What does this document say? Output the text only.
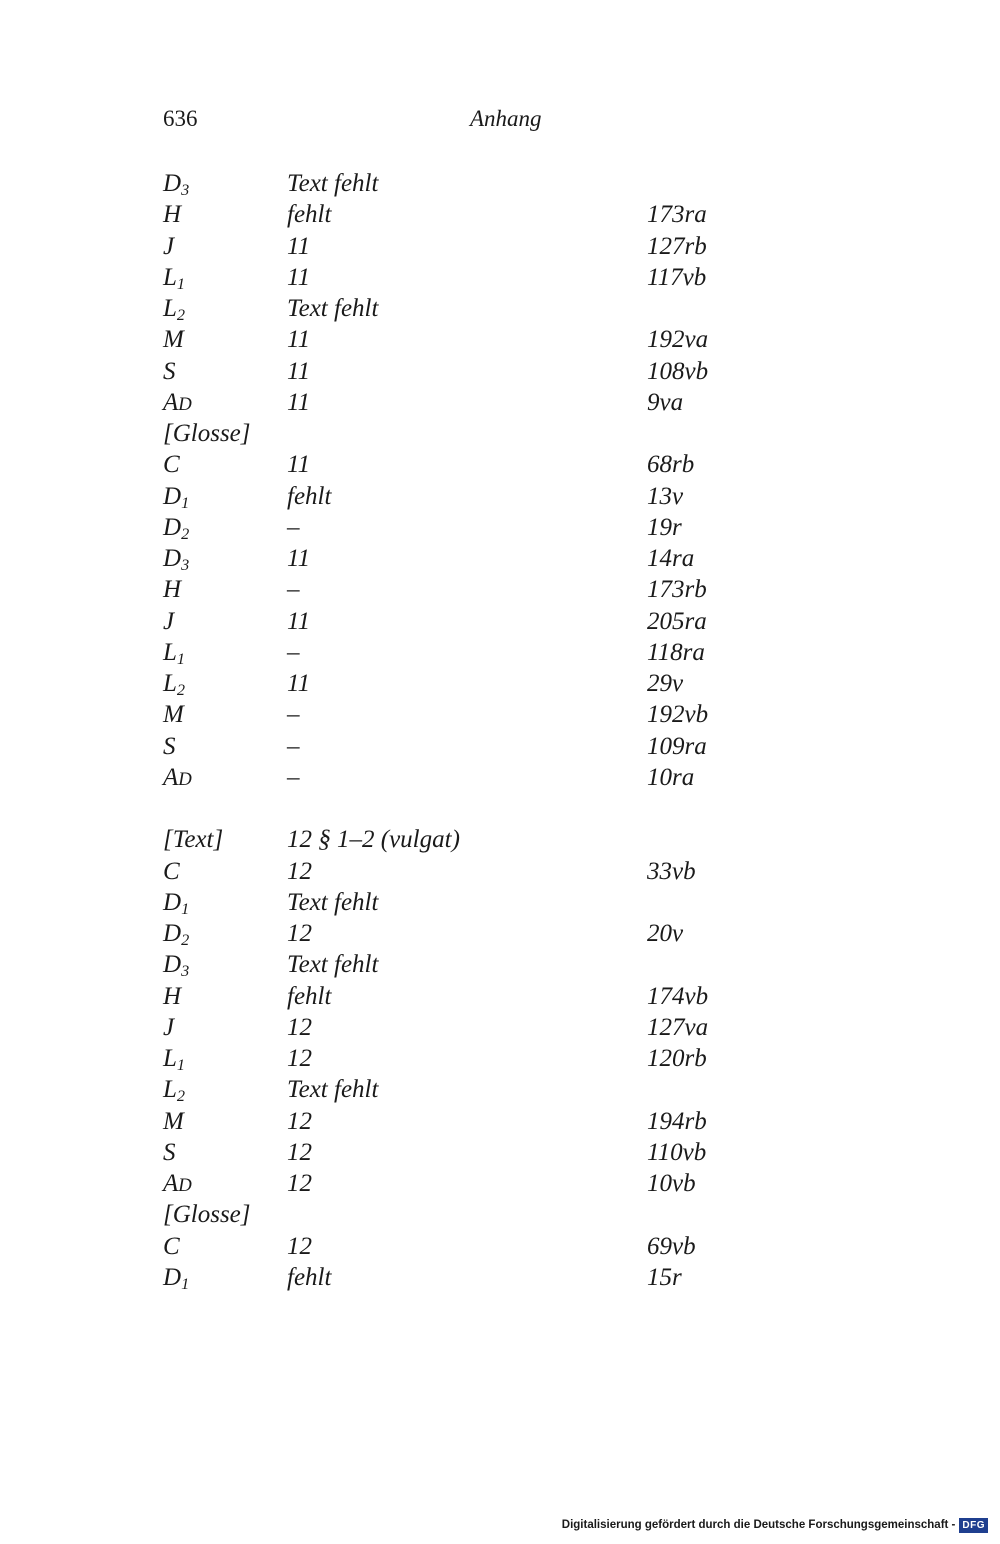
636	Anhang
$D_3$	Text fehlt
H	fehlt	173ra
J	11	127rb
$L_1$	11	117vb
$L_2$	Text fehlt
M	11	192va
S	11	108vb
AD	11	9va
[Glosse]
C	11	68rb
$D_1$	fehlt	13v
$D_2$	–	19r
$D_3$	11	14ra
H	–	173rb
J	11	205ra
$L_1$	–	118ra
$L_2$	11	29v
M	–	192vb
S	–	109ra
AD	–	10ra
[Text]	12 § 1–2 (vulgat)
C	12	33vb
$D_1$	Text fehlt
$D_2$	12	20v
$D_3$	Text fehlt
H	fehlt	174vb
J	12	127va
$L_1$	12	120rb
$L_2$	Text fehlt
M	12	194rb
S	12	110vb
AD	12	10vb
[Glosse]
C	12	69vb
$D_1$	fehlt	15r
Digitalisierung gefördert durch die Deutsche Forschungsgemeinschaft - DFG
